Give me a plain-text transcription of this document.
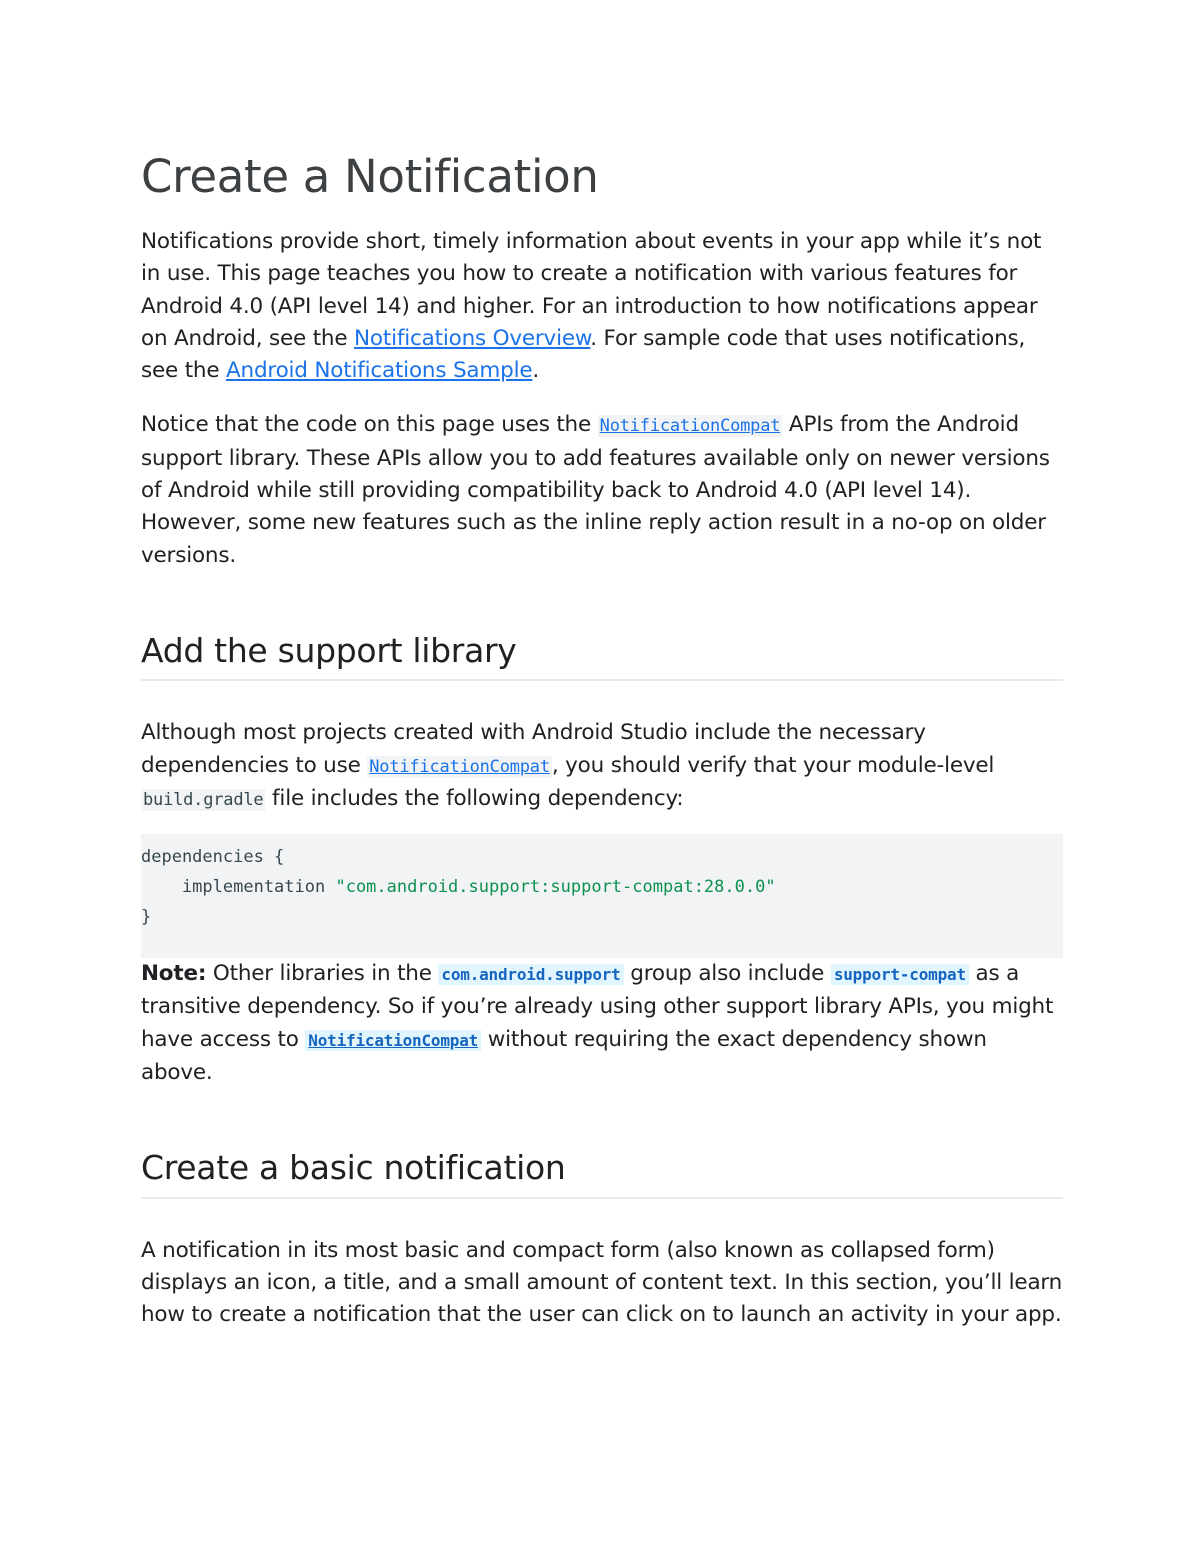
Create a Notification

Notifications provide short, timely information about events in your app while it’s not in use. This page teaches you how to create a notification with various features for Android 4.0 (API level 14) and higher. For an introduction to how notifications appear on Android, see the Notifications Overview. For sample code that uses notifications, see the Android Notifications Sample.

Notice that the code on this page uses the NotificationCompat APIs from the Android support library. These APIs allow you to add features available only on newer versions of Android while still providing compatibility back to Android 4.0 (API level 14). However, some new features such as the inline reply action result in a no-op on older versions.

Add the support library

Although most projects created with Android Studio include the necessary dependencies to use NotificationCompat, you should verify that your module-level build.gradle file includes the following dependency:

dependencies {
implementation "com.android.support:support-compat:28.0.0"
}

Note: Other libraries in the com.android.support group also include support-compat as a transitive dependency. So if you’re already using other support library APIs, you might have access to NotificationCompat without requiring the exact dependency shown above.

Create a basic notification

A notification in its most basic and compact form (also known as collapsed form) displays an icon, a title, and a small amount of content text. In this section, you’ll learn how to create a notification that the user can click on to launch an activity in your app.
